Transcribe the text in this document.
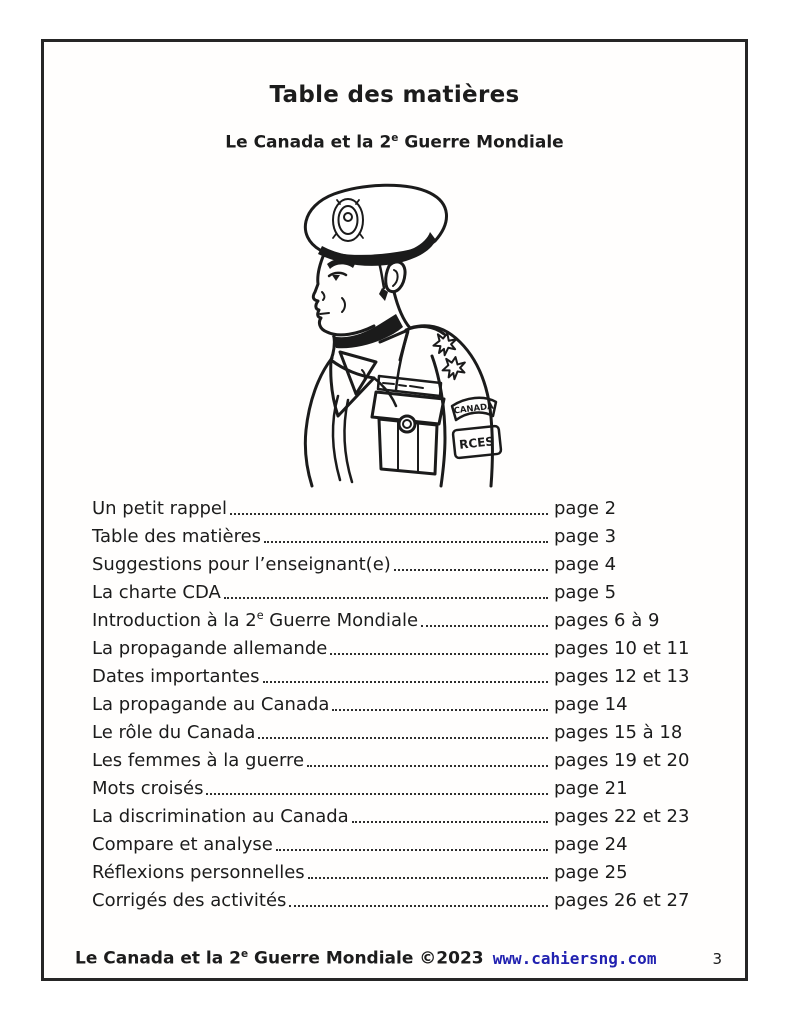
Table des matières
Le Canada et la 2e Guerre Mondiale
CANADA
RCES
Un petit rappel	page 2
Table des matières	page 3
Suggestions pour l’enseignant(e)	page 4
La charte CDA	page 5
Introduction à la 2e Guerre Mondiale	pages 6 à 9
La propagande allemande	pages 10 et 11
Dates importantes	pages 12 et 13
La propagande au Canada	page 14
Le rôle du Canada	pages 15 à 18
Les femmes à la guerre	pages 19 et 20
Mots croisés	page 21
La discrimination au Canada	pages 22 et 23
Compare et analyse	page 24
Réflexions personnelles	page 25
Corrigés des activités	pages 26 et 27
Le Canada et la 2e Guerre Mondiale ©2023 www.cahiersng.com	3
